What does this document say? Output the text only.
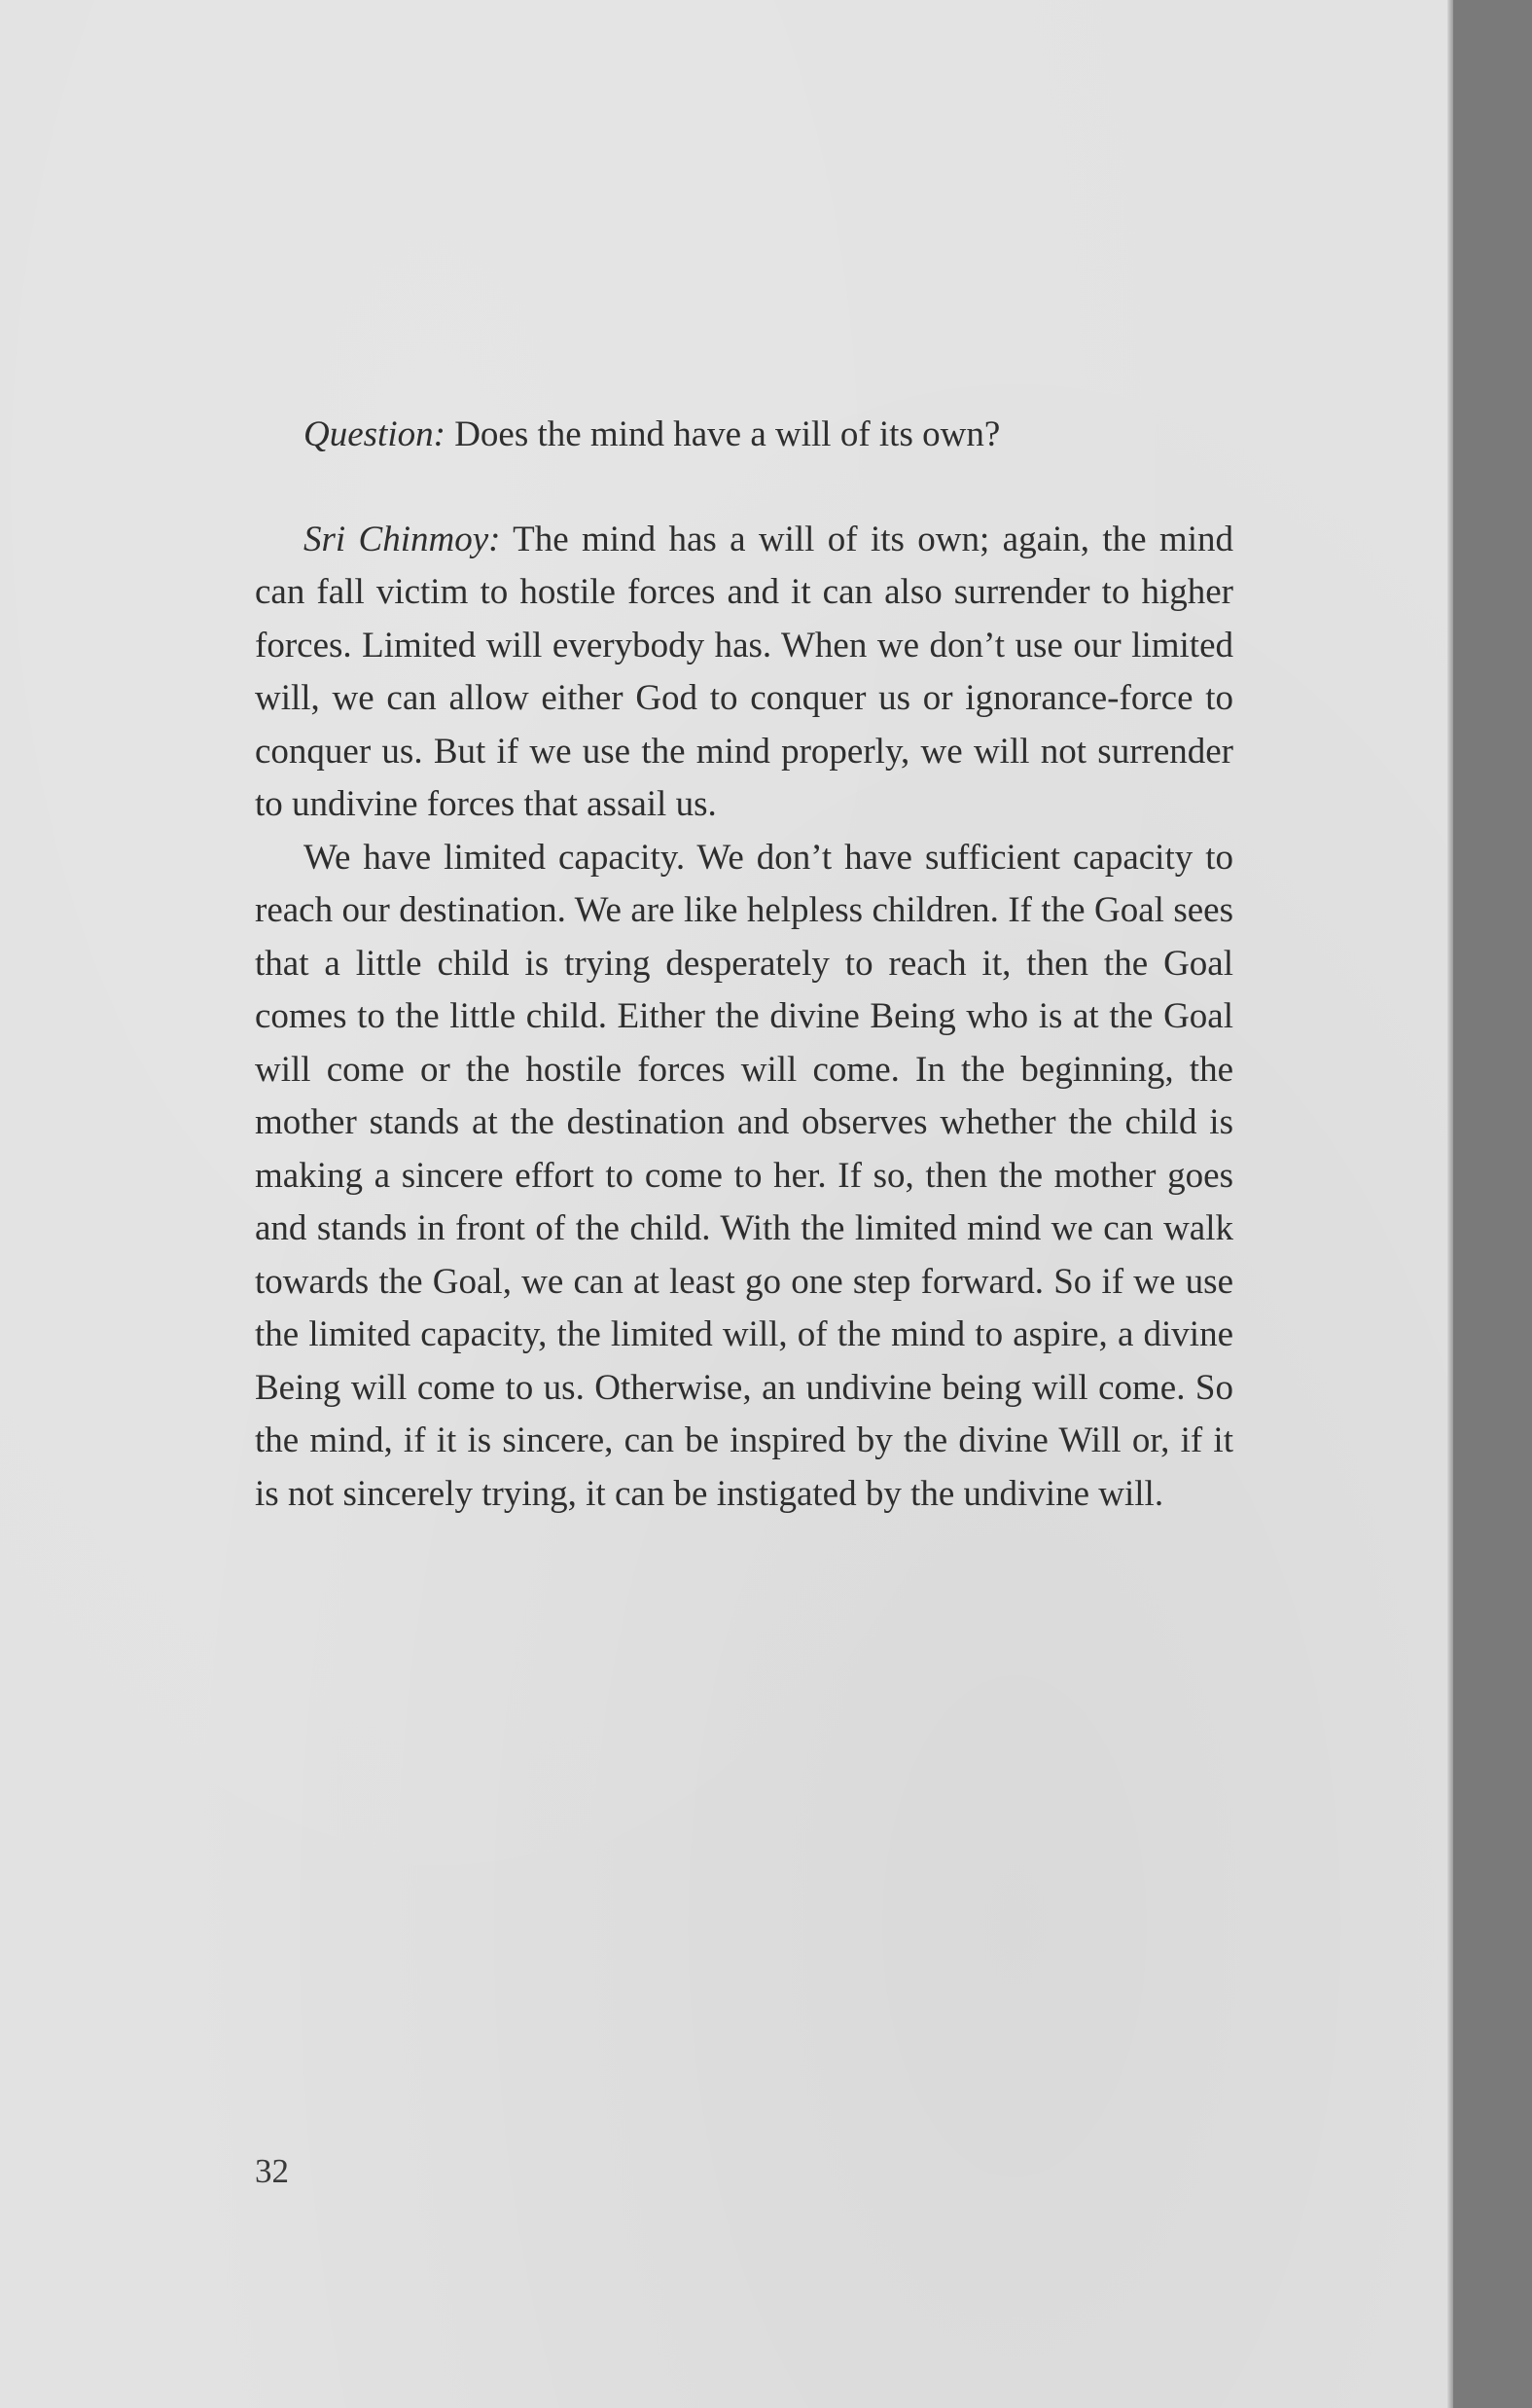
Question: Does the mind have a will of its own?

Sri Chinmoy: The mind has a will of its own; again, the mind can fall victim to hostile forces and it can also surrender to higher forces. Limited will everybody has. When we don’t use our limited will, we can allow either God to conquer us or ignorance-force to conquer us. But if we use the mind properly, we will not surrender to undivine forces that assail us.

We have limited capacity. We don’t have sufficient capacity to reach our destination. We are like helpless children. If the Goal sees that a little child is trying desperately to reach it, then the Goal comes to the little child. Either the divine Being who is at the Goal will come or the hostile forces will come. In the beginning, the mother stands at the destination and observes whether the child is making a sincere effort to come to her. If so, then the mother goes and stands in front of the child. With the limited mind we can walk towards the Goal, we can at least go one step forward. So if we use the limited capacity, the limited will, of the mind to aspire, a divine Being will come to us. Otherwise, an undivine being will come. So the mind, if it is sincere, can be inspired by the divine Will or, if it is not sincerely trying, it can be instigated by the undivine will.

32
